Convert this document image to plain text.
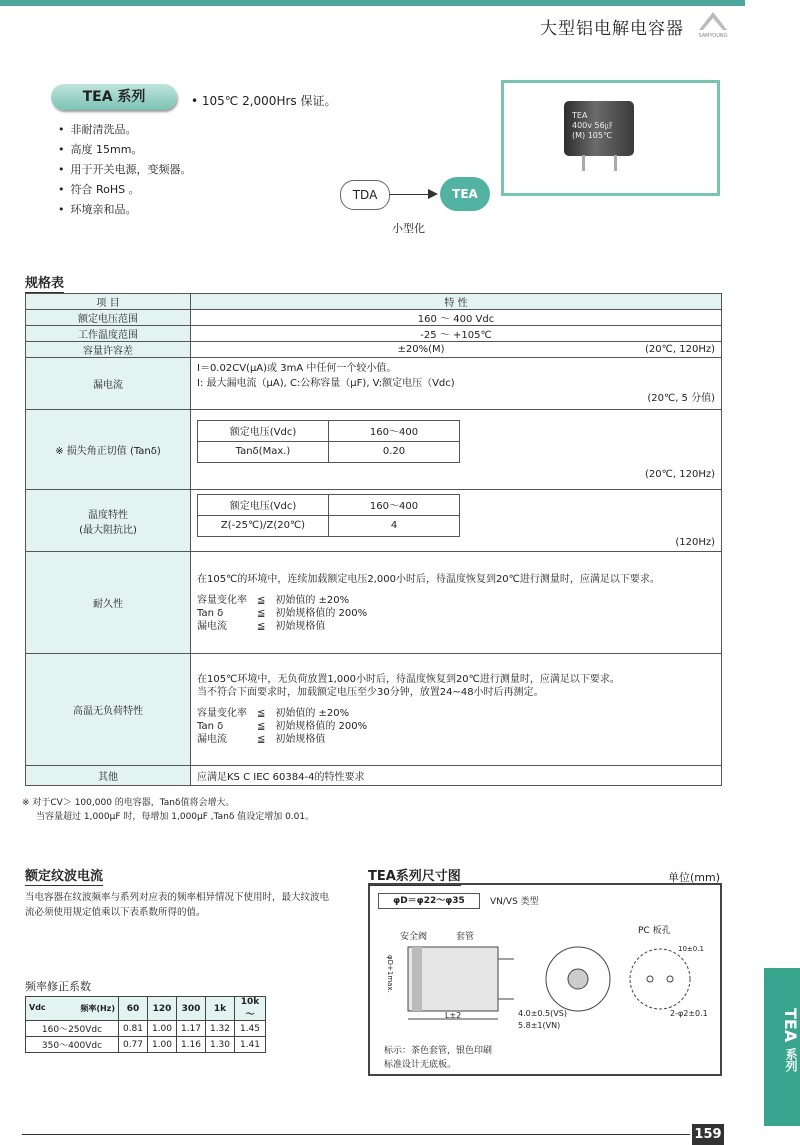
大型铝电解电容器	SAMYOUNG
TEA 系列	• 105℃ 2,000Hrs 保证。
• 非耐清洗品。
• 高度 15mm。
• 用于开关电源，变频器。
• 符合 RoHS 。
• 环境亲和品。
TDA	TEA
小型化
TEA
400v 56㎌
(M) 105℃
规格表
项 目	特 性
额定电压范围	160 ～ 400 Vdc
工作温度范围	-25 ～ +105℃
容量许容差	±20%(M)	(20℃, 120Hz)

漏电流	
I＝0.02CV(μA)或 3mA 中任何一个较小值。
I: 最大漏电流（μA), C:公称容量（μF), V:额定电压（Vdc)
(20℃, 5 分值)

※ 损失角正切值 (Tanδ)	
额定电压(Vdc)	160～400
Tanδ(Max.)	0.20
(20℃, 120Hz)

温度特性
(最大阻抗比)

额定电压(Vdc)	160～400
Z(-25℃)/Z(20℃)	4
(120Hz)

耐久性	
在105℃的环境中，连续加载额定电压2,000小时后，待温度恢复到20℃进行测量时，应满足以下要求。
容量变化率 ≦　初始值的 ±20%
Tan δ	≦　初始规格值的 200%
漏电流	≦　初始规格值

高温无负荷特性	
在105℃环境中，无负荷放置1,000小时后，待温度恢复到20℃进行测量时，应满足以下要求。
当不符合下面要求时，加载额定电压至少30分钟，放置24~48小时后再测定。
容量变化率 ≦　初始值的 ±20%
Tan δ	≦　初始规格值的 200%
漏电流	≦　初始规格值

其他	应满足KS C IEC 60384-4的特性要求
※ 对于CV＞ 100,000 的电容器，Tanδ值将会增大。
当容量超过 1,000μF 时，每增加 1,000μF ,Tanδ 值设定增加 0.01。
额定纹波电流
当电容器在纹波频率与系列对应表的频率相异情况下使用时，最大纹波电流必须使用规定值乘以下表系数所得的值。
频率修正系数
Vdc 频率(Hz)	60	120	300	1k	10k～
160～250Vdc	0.81	1.00	1.17	1.32	1.45
350～400Vdc	0.77	1.00	1.16	1.30	1.41
TEA系列尺寸图	单位(mm)
φD＝φ22～φ35	VN/VS 类型
安全阀	套管
PC 板孔
φD+1max.
L±2	4.0±0.5(VS)
5.8±1(VN)
10±0.1
2-φ2±0.1
标示：茶色套管，银色印刷
标准设计无底板。
TEA
系列
159
